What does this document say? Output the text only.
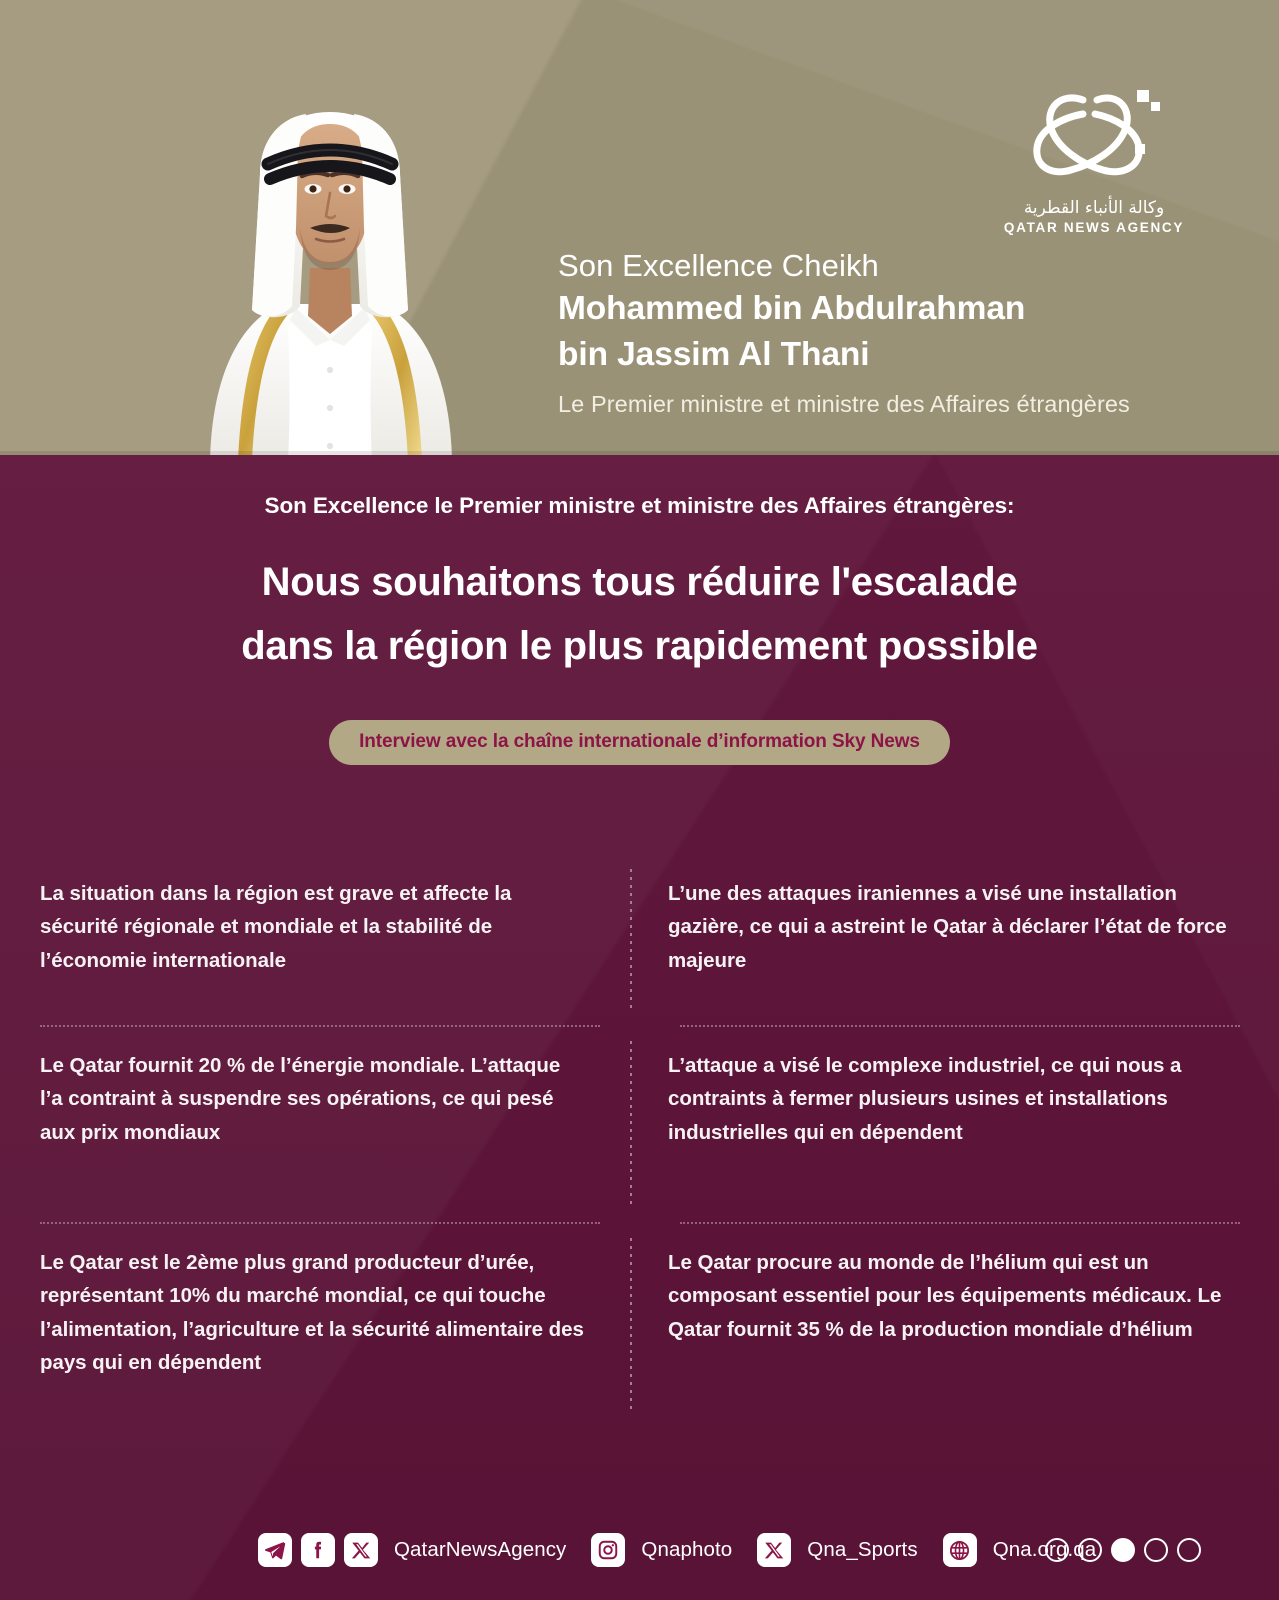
وكالة الأنباء القطرية
QATAR NEWS AGENCY
Son Excellence Cheikh
Mohammed bin Abdulrahman
bin Jassim Al Thani
Le Premier ministre et ministre des Affaires étrangères
Son Excellence le Premier ministre et ministre des Affaires étrangères:
Nous souhaitons tous réduire l'escalade
dans la région le plus rapidement possible
Interview avec la chaîne internationale d’information Sky News
La situation dans la région est grave et affecte la sécurité régionale et mondiale et la stabilité de l’économie internationale
L’une des attaques iraniennes a visé une installation gazière, ce qui a astreint le Qatar à déclarer l’état de force majeure
Le Qatar fournit 20 % de l’énergie mondiale. L’attaque l’a contraint à suspendre ses opérations, ce qui pesé aux prix mondiaux
L’attaque a visé le complexe industriel, ce qui nous a contraints à fermer plusieurs usines et installations industrielles qui en dépendent
Le Qatar est le 2ème plus grand producteur d’urée, représentant 10% du marché mondial, ce qui touche l’alimentation, l’agriculture et la sécurité alimentaire des pays qui en dépendent
Le Qatar procure au monde de l’hélium qui est un composant essentiel pour les équipements médicaux. Le Qatar fournit 35 % de la production mondiale d’hélium
QatarNewsAgency	Qnaphoto	Qna_Sports	Qna.org.qa
